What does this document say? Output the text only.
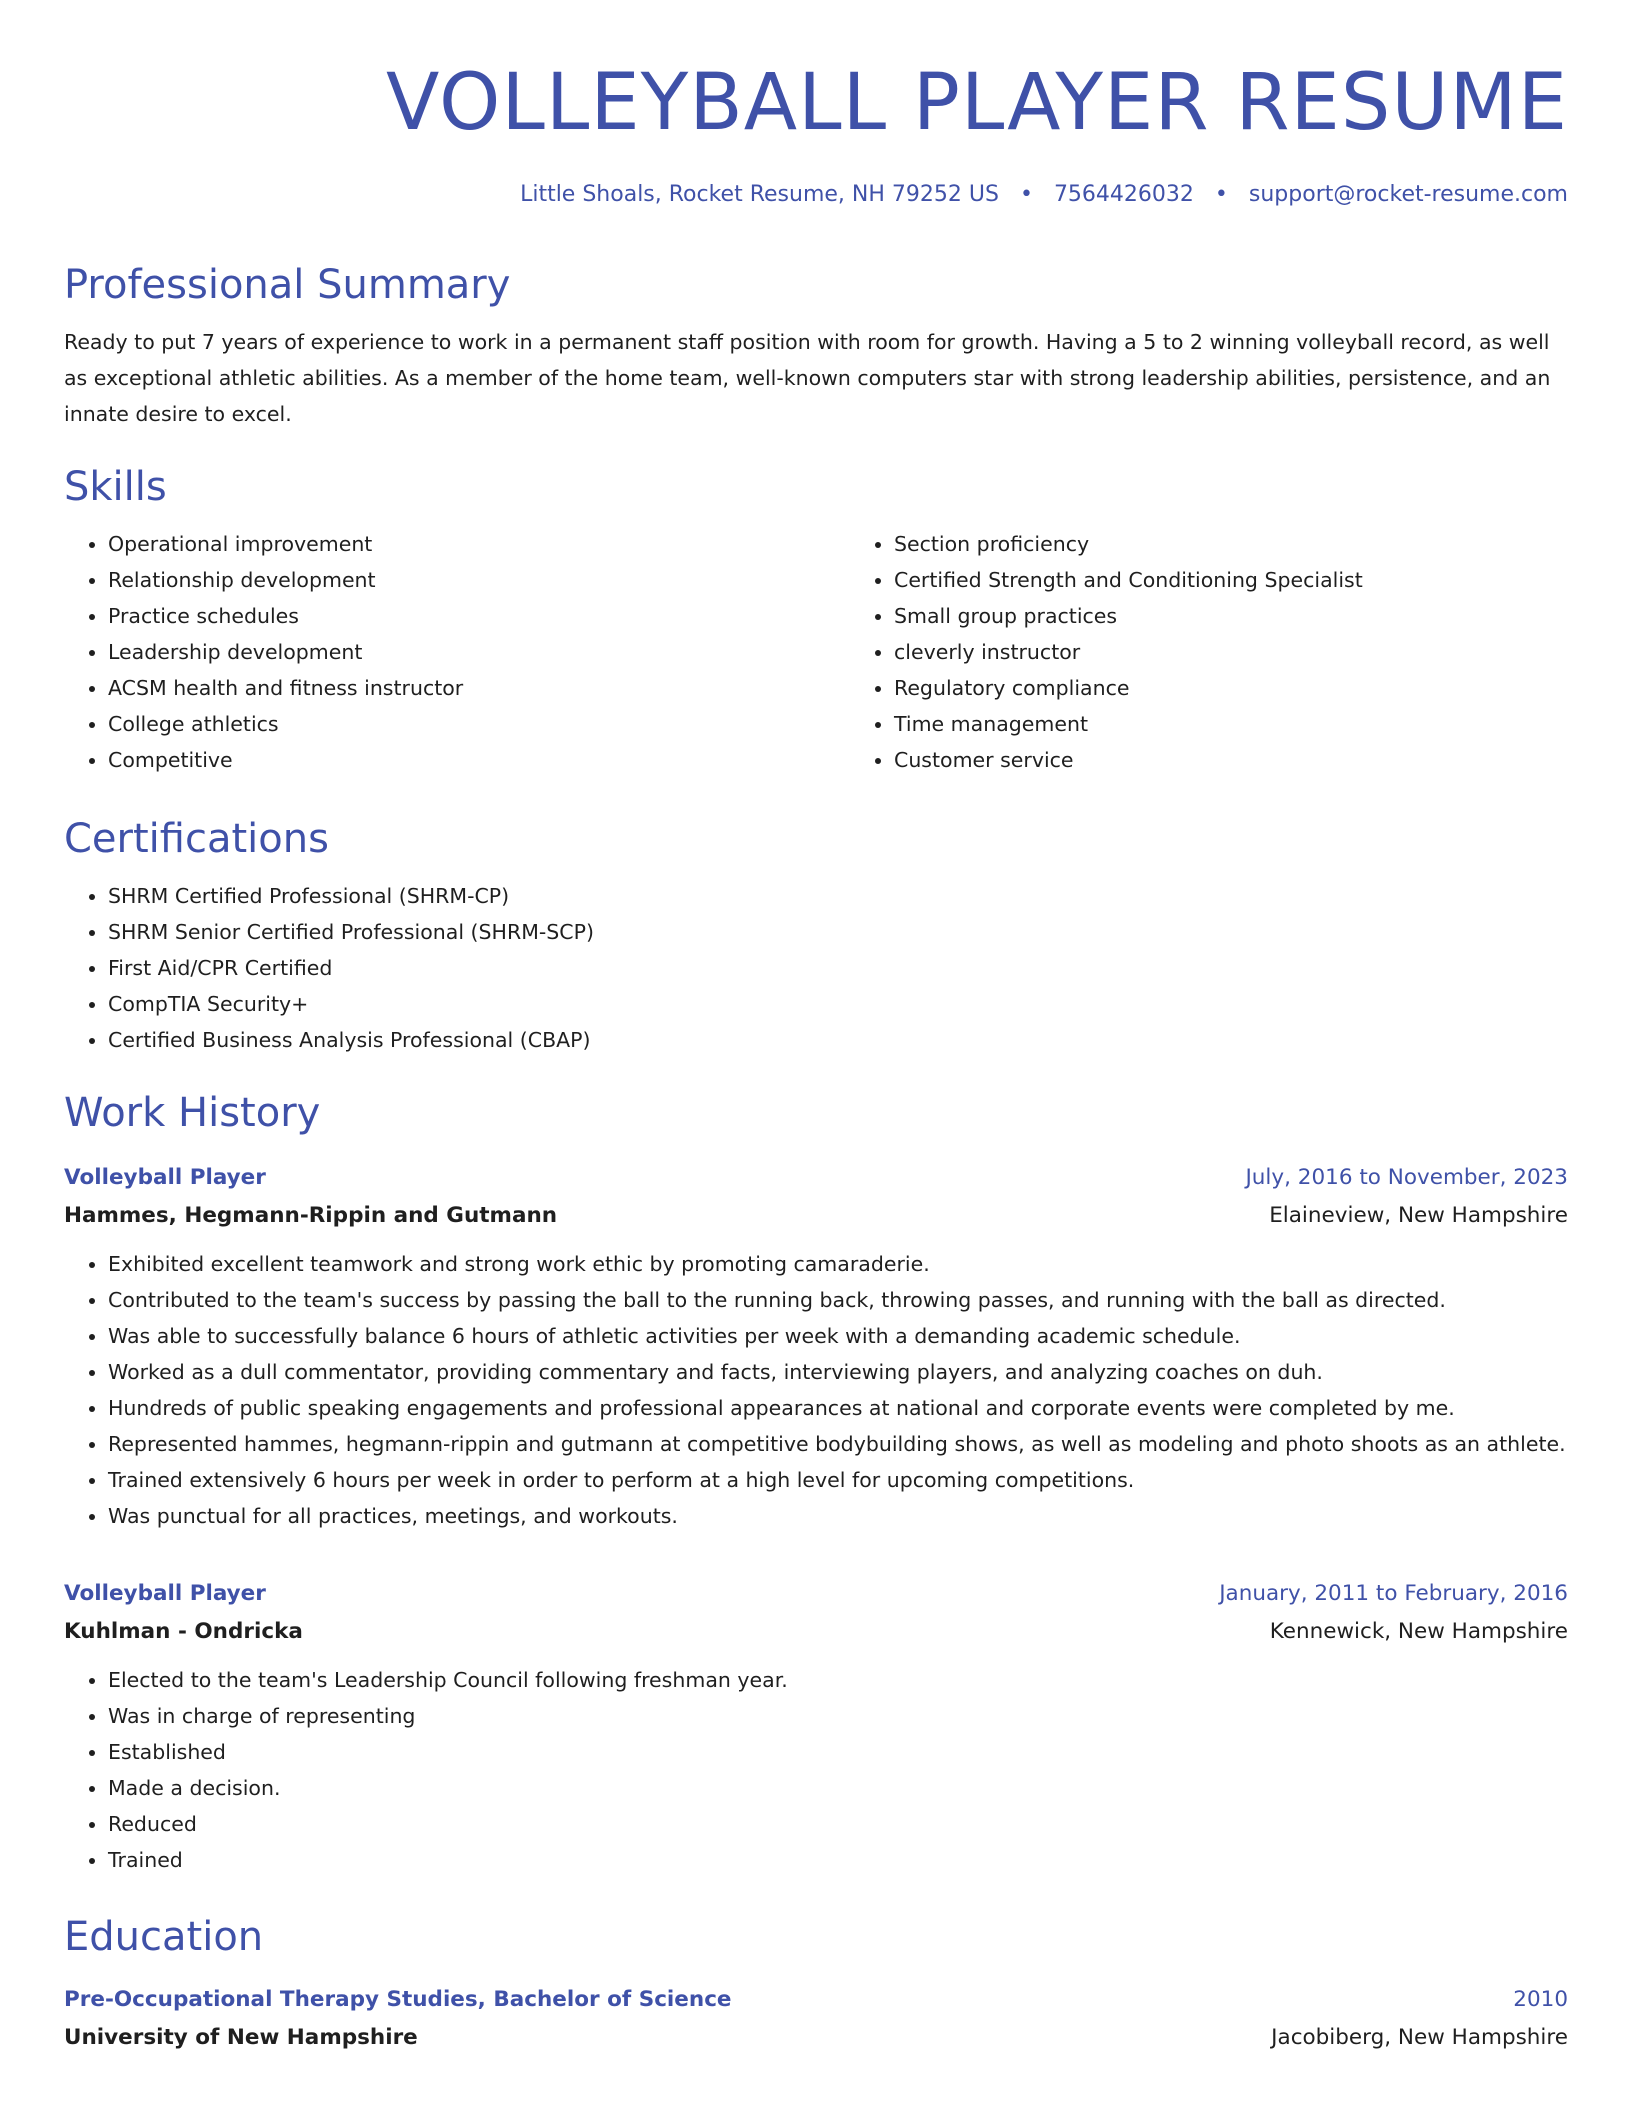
VOLLEYBALL PLAYER RESUME
Little Shoals, Rocket Resume, NH 79252 US • 7564426032 • support@rocket-resume.com
Professional Summary

Ready to put 7 years of experience to work in a permanent staff position with room for growth. Having a 5 to 2 winning volleyball record, as well as exceptional athletic abilities. As a member of the home team, well-known computers star with strong leadership abilities, persistence, and an innate desire to excel.

Skills
• Operational improvement
• Relationship development
• Practice schedules
• Leadership development
• ACSM health and fitness instructor
• College athletics
• Competitive
• Section proficiency
• Certified Strength and Conditioning Specialist
• Small group practices
• cleverly instructor
• Regulatory compliance
• Time management
• Customer service
Certifications
• SHRM Certified Professional (SHRM-CP)
• SHRM Senior Certified Professional (SHRM-SCP)
• First Aid/CPR Certified
• CompTIA Security+
• Certified Business Analysis Professional (CBAP)
Work History
Volleyball Player	July, 2016 to November, 2023
Hammes, Hegmann-Rippin and Gutmann	Elaineview, New Hampshire
• Exhibited excellent teamwork and strong work ethic by promoting camaraderie.
• Contributed to the team's success by passing the ball to the running back, throwing passes, and running with the ball as directed.
• Was able to successfully balance 6 hours of athletic activities per week with a demanding academic schedule.
• Worked as a dull commentator, providing commentary and facts, interviewing players, and analyzing coaches on duh.
• Hundreds of public speaking engagements and professional appearances at national and corporate events were completed by me.
• Represented hammes, hegmann-rippin and gutmann at competitive bodybuilding shows, as well as modeling and photo shoots as an athlete.
• Trained extensively 6 hours per week in order to perform at a high level for upcoming competitions.
• Was punctual for all practices, meetings, and workouts.
Volleyball Player	January, 2011 to February, 2016
Kuhlman - Ondricka	Kennewick, New Hampshire
• Elected to the team's Leadership Council following freshman year.
• Was in charge of representing
• Established
• Made a decision.
• Reduced
• Trained
Education
Pre-Occupational Therapy Studies, Bachelor of Science	2010
University of New Hampshire	Jacobiberg, New Hampshire
